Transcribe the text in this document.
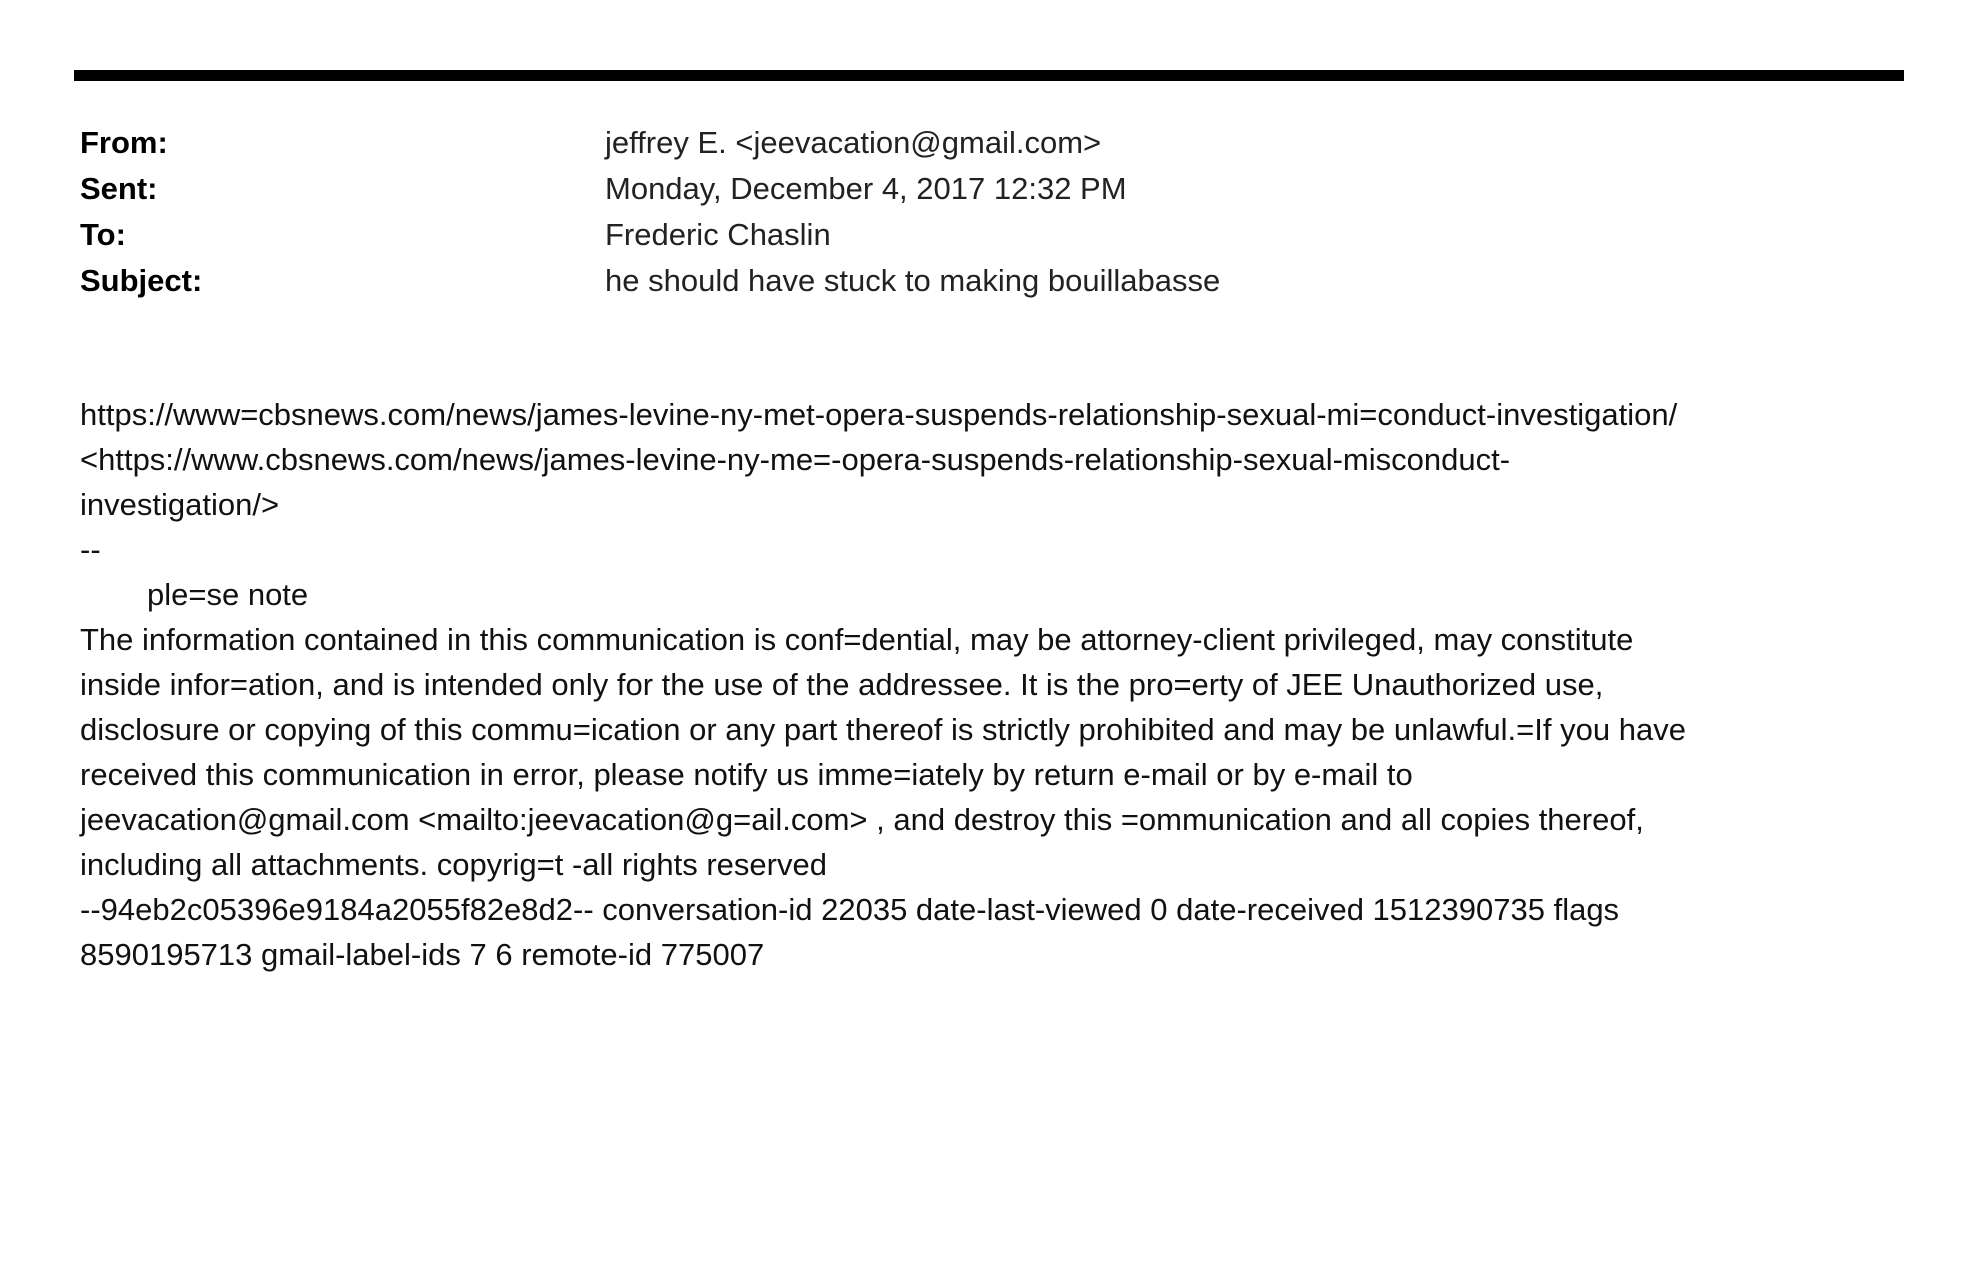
From:	jeffrey E. <jeevacation@gmail.com>
Sent:	Monday, December 4, 2017 12:32 PM
To:	Frederic Chaslin
Subject:	he should have stuck to making bouillabasse

https://www=cbsnews.com/news/james-levine-ny-met-opera-suspends-relationship-sexual-mi=conduct-investigation/
<https://www.cbsnews.com/news/james-levine-ny-me=-opera-suspends-relationship-sexual-misconduct-
investigation/>

--

ple=se note

The information contained in this communication is conf=dential, may be attorney-client privileged, may constitute
inside infor=ation, and is intended only for the use of the addressee. It is the pro=erty of JEE Unauthorized use,
disclosure or copying of this commu=ication or any part thereof is strictly prohibited and may be unlawful.=If you have
received this communication in error, please notify us imme=iately by return e-mail or by e-mail to
jeevacation@gmail.com <mailto:jeevacation@g=ail.com> , and destroy this =ommunication and all copies thereof,
including all attachments. copyrig=t -all rights reserved

--94eb2c05396e9184a2055f82e8d2-- conversation-id 22035 date-last-viewed 0 date-received 1512390735 flags
8590195713 gmail-label-ids 7 6 remote-id 775007
